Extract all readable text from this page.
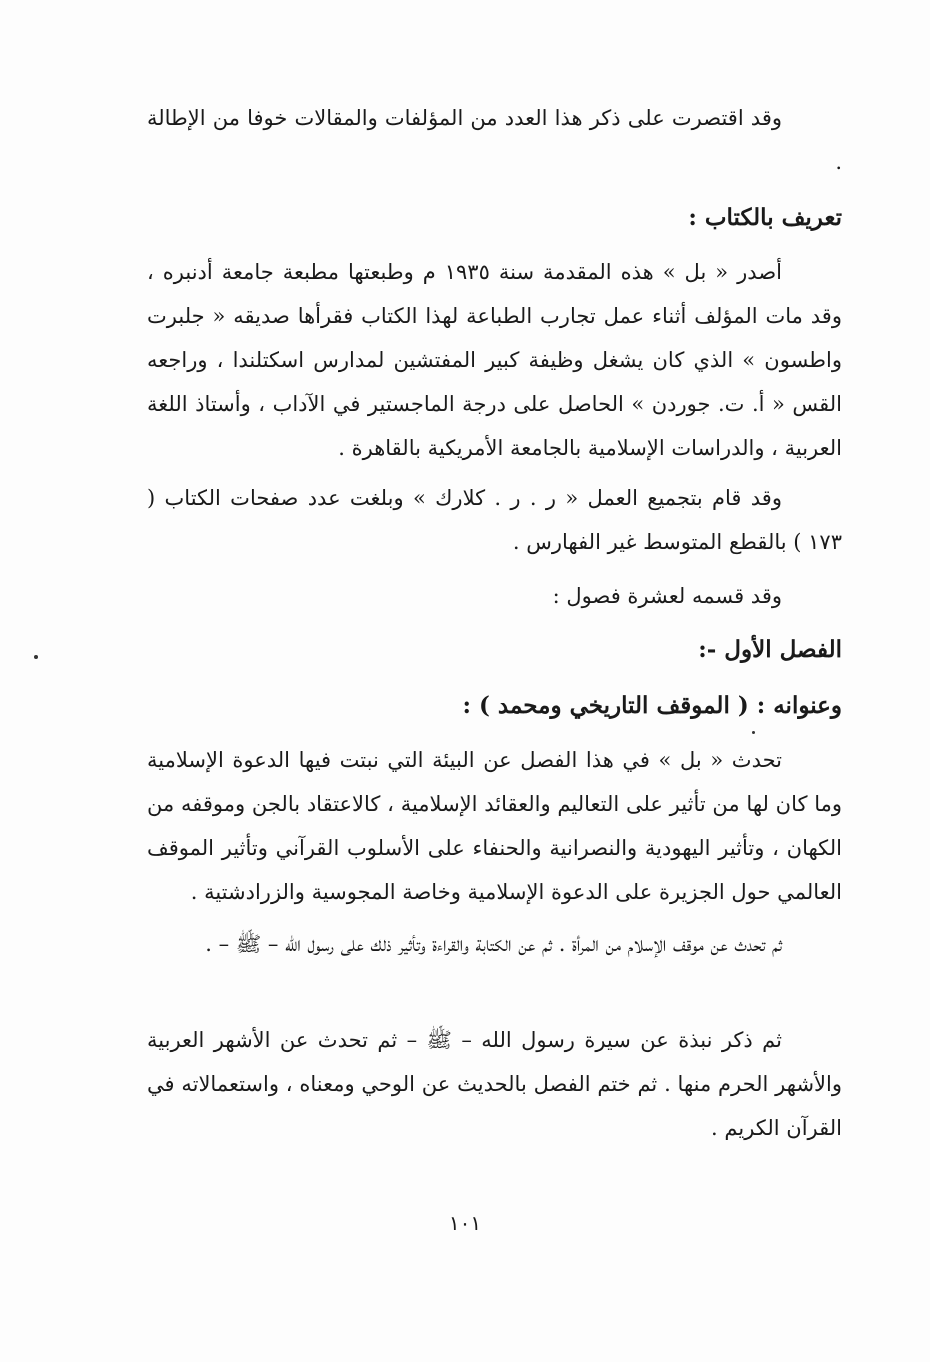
وقد اقتصرت على ذكر هذا العدد من المؤلفات والمقالات خوفا من الإطالة .

تعريف بالكتاب :

أصدر « بل » هذه المقدمة سنة ١٩٣٥ م وطبعتها مطبعة جامعة أدنبره ، وقد مات المؤلف أثناء عمل تجارب الطباعة لهذا الكتاب فقرأها صديقه « جلبرت واطسون » الذي كان يشغل وظيفة كبير المفتشين لمدارس اسكتلندا ، وراجعه القس « أ. ت. جوردن » الحاصل على درجة الماجستير في الآداب ، وأستاذ اللغة العربية ، والدراسات الإسلامية بالجامعة الأمريكية بالقاهرة .

وقد قام بتجميع العمل « ر . ر . كلارك » وبلغت عدد صفحات الكتاب ( ١٧٣ ) بالقطع المتوسط غير الفهارس .

وقد قسمه لعشرة فصول :

الفصل الأول -:
وعنوانه : ( الموقف التاريخي ومحمد ) :

تحدث « بل » في هذا الفصل عن البيئة التي نبتت فيها الدعوة الإسلامية وما كان لها من تأثير على التعاليم والعقائد الإسلامية ، كالاعتقاد بالجن وموقفه من الكهان ، وتأثير اليهودية والنصرانية والحنفاء على الأسلوب القرآني وتأثير الموقف العالمي حول الجزيرة على الدعوة الإسلامية وخاصة المجوسية والزرادشتية .

ثم تحدث عن موقف الإسلام من المرأة . ثم عن الكتابة والقراءة وتأثير ذلك على رسول الله – ﷺ – .

ثم ذكر نبذة عن سيرة رسول الله – ﷺ – ثم تحدث عن الأشهر العربية والأشهر الحرم منها . ثم ختم الفصل بالحديث عن الوحي ومعناه ، واستعمالاته في القرآن الكريم .

١٠١
